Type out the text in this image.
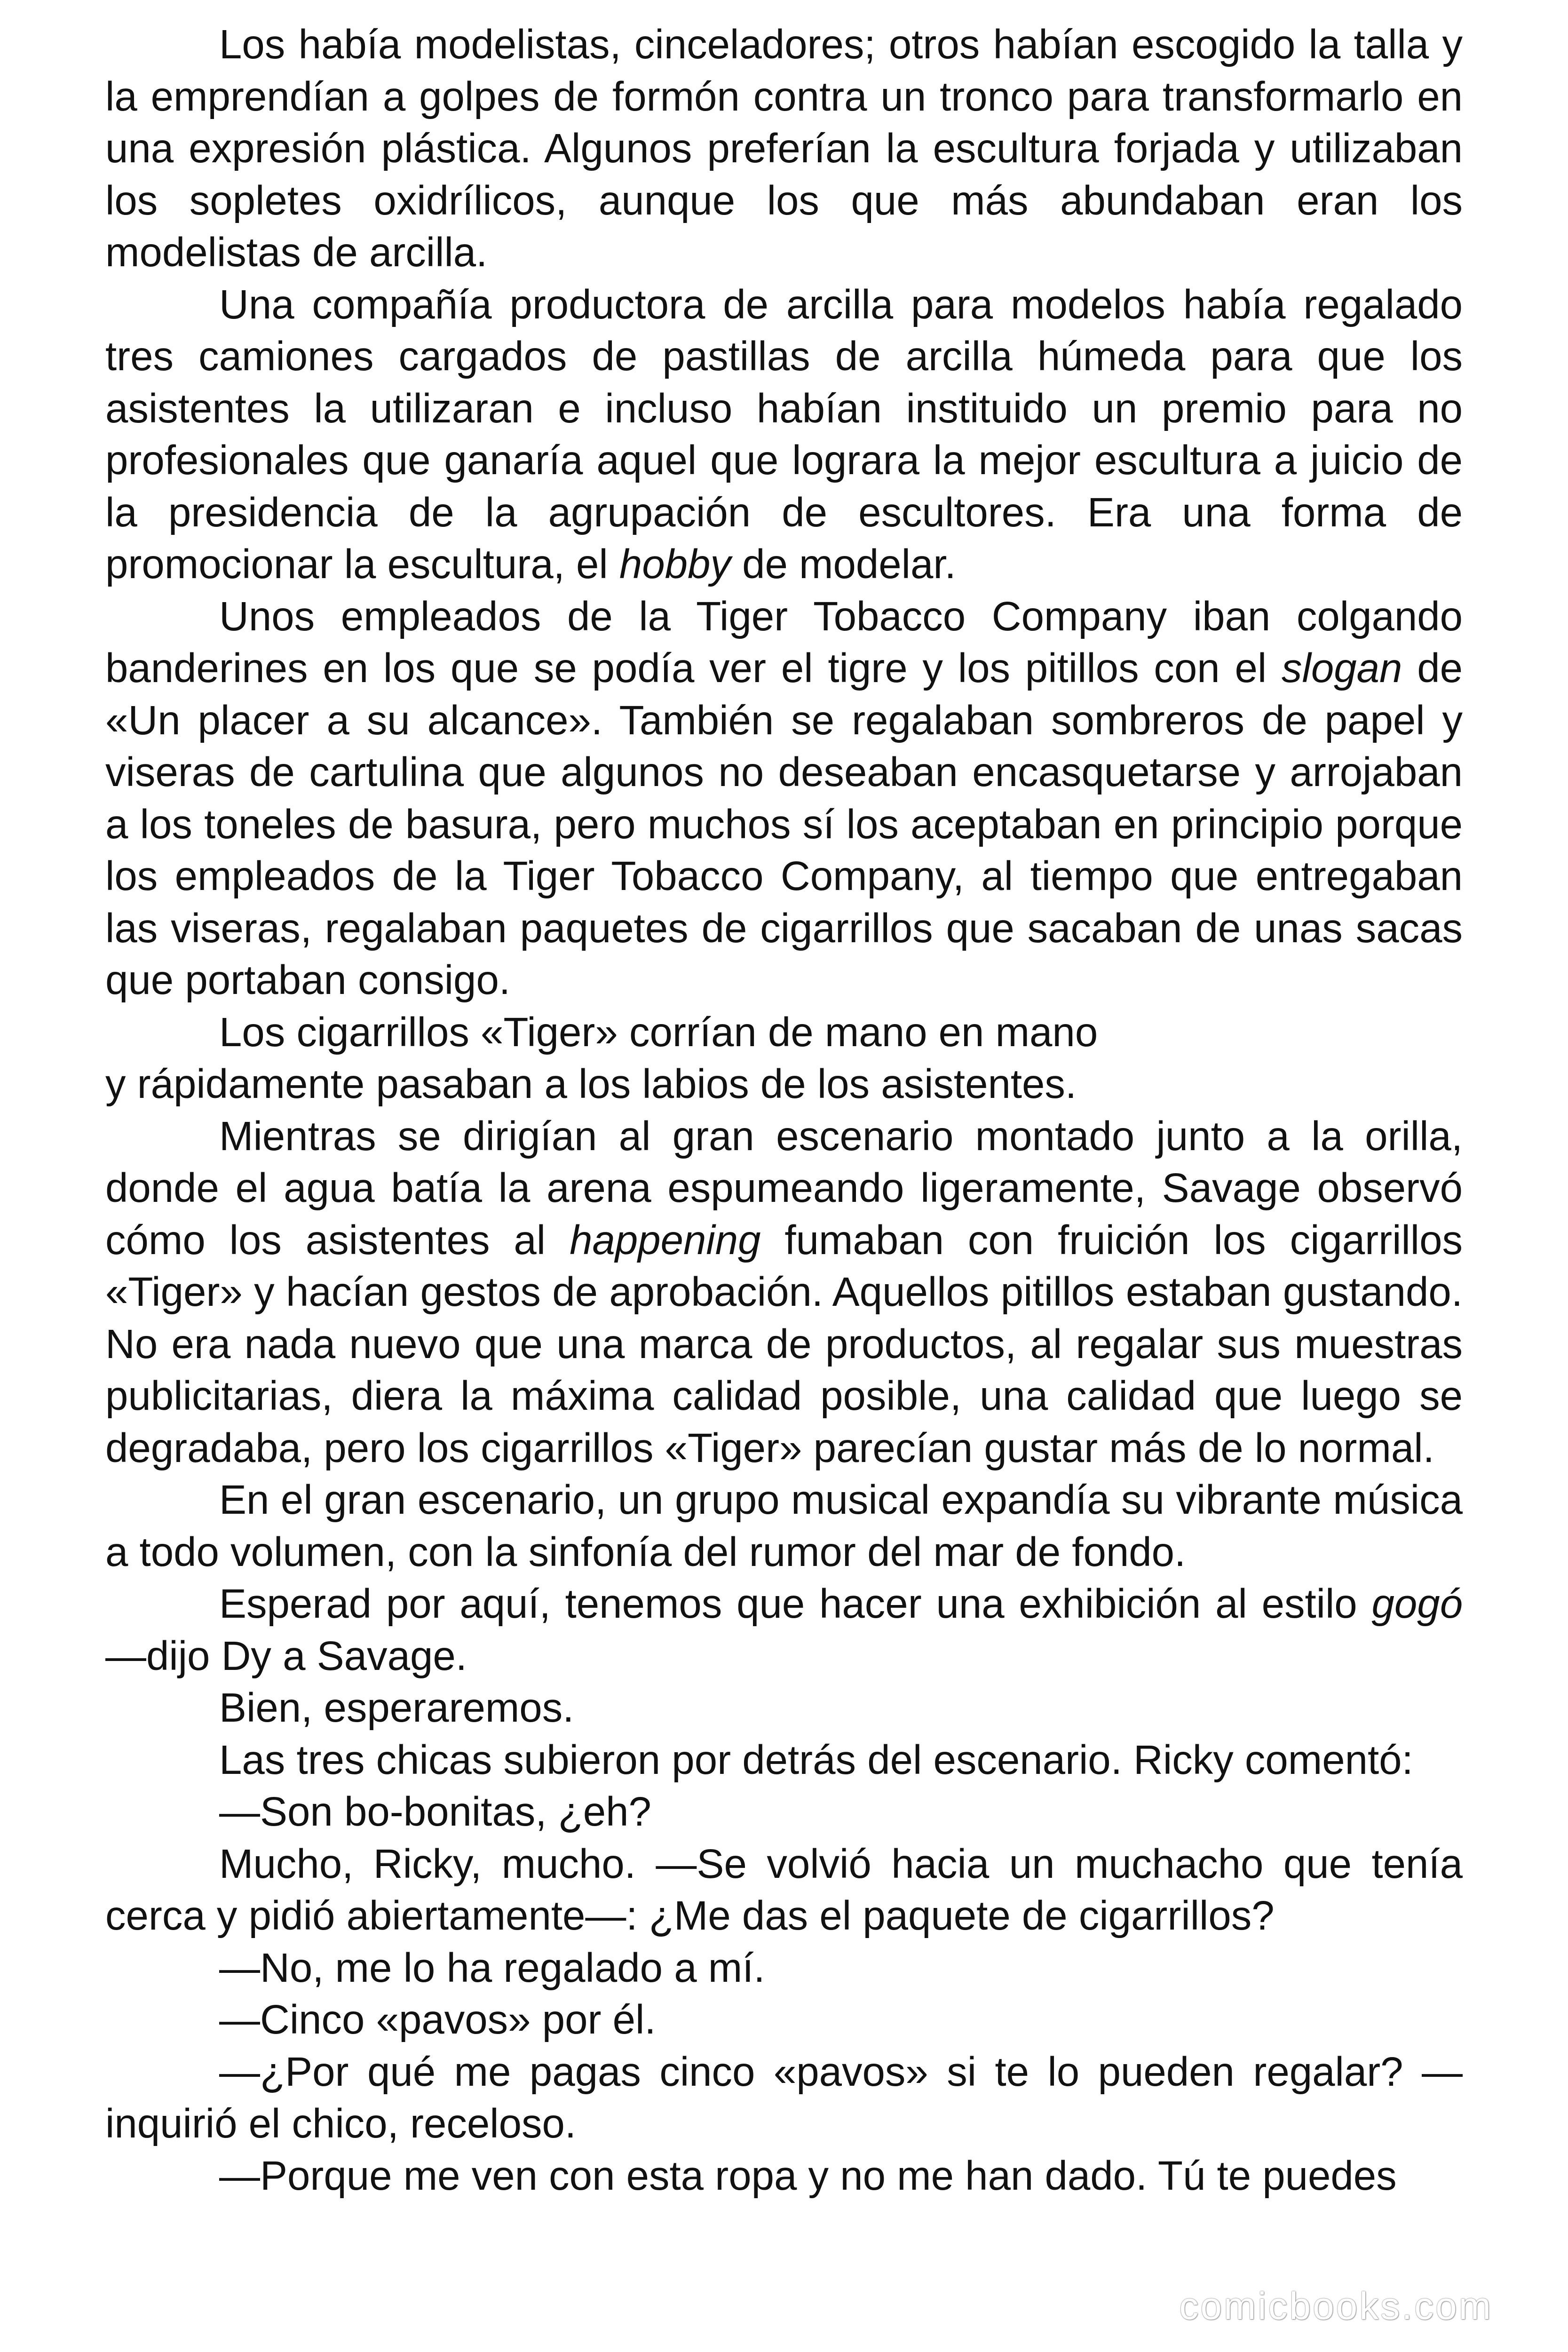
Los había modelistas, cinceladores; otros habían escogido la talla y la emprendían a golpes de formón contra un tronco para transformarlo en una expresión plástica. Algunos preferían la escultura forjada y utilizaban los sopletes oxidrílicos, aunque los que más abundaban eran los modelistas de arcilla.

Una compañía productora de arcilla para modelos había regalado tres camiones cargados de pastillas de arcilla húmeda para que los asistentes la utilizaran e incluso habían instituido un premio para no profesionales que ganaría aquel que lograra la mejor escultura a juicio de la presidencia de la agrupación de escultores. Era una forma de promocionar la escultura, el hobby de modelar.

Unos empleados de la Tiger Tobacco Company iban colgando banderines en los que se podía ver el tigre y los pitillos con el slogan de «Un placer a su alcance». También se regalaban sombreros de papel y viseras de cartulina que algunos no deseaban encasquetarse y arrojaban a los toneles de basura, pero muchos sí los aceptaban en principio porque los empleados de la Tiger Tobacco Company, al tiempo que entregaban las viseras, regalaban paquetes de cigarrillos que sacaban de unas sacas que portaban consigo.

Los cigarrillos «Tiger» corrían de mano en mano
y rápidamente pasaban a los labios de los asistentes.

Mientras se dirigían al gran escenario montado junto a la orilla, donde el agua batía la arena espumeando ligeramente, Savage observó cómo los asistentes al happening fumaban con fruición los cigarrillos «Tiger» y hacían gestos de aprobación. Aquellos pitillos estaban gustando. No era nada nuevo que una marca de productos, al regalar sus muestras publicitarias, diera la máxima calidad posible, una calidad que luego se degradaba, pero los cigarrillos «Tiger» parecían gustar más de lo normal.

En el gran escenario, un grupo musical expandía su vibrante música a todo volumen, con la sinfonía del rumor del mar de fondo.

Esperad por aquí, tenemos que hacer una exhibición al estilo gogó —dijo Dy a Savage.

Bien, esperaremos.

Las tres chicas subieron por detrás del escenario. Ricky comentó:

—Son bo-bonitas, ¿eh?

Mucho, Ricky, mucho. —Se volvió hacia un muchacho que tenía cerca y pidió abiertamente—: ¿Me das el paquete de cigarrillos?

—No, me lo ha regalado a mí.

—Cinco «pavos» por él.

—¿Por qué me pagas cinco «pavos» si te lo pueden regalar? —inquirió el chico, receloso.

—Porque me ven con esta ropa y no me han dado. Tú te puedes

comicbooks.com
